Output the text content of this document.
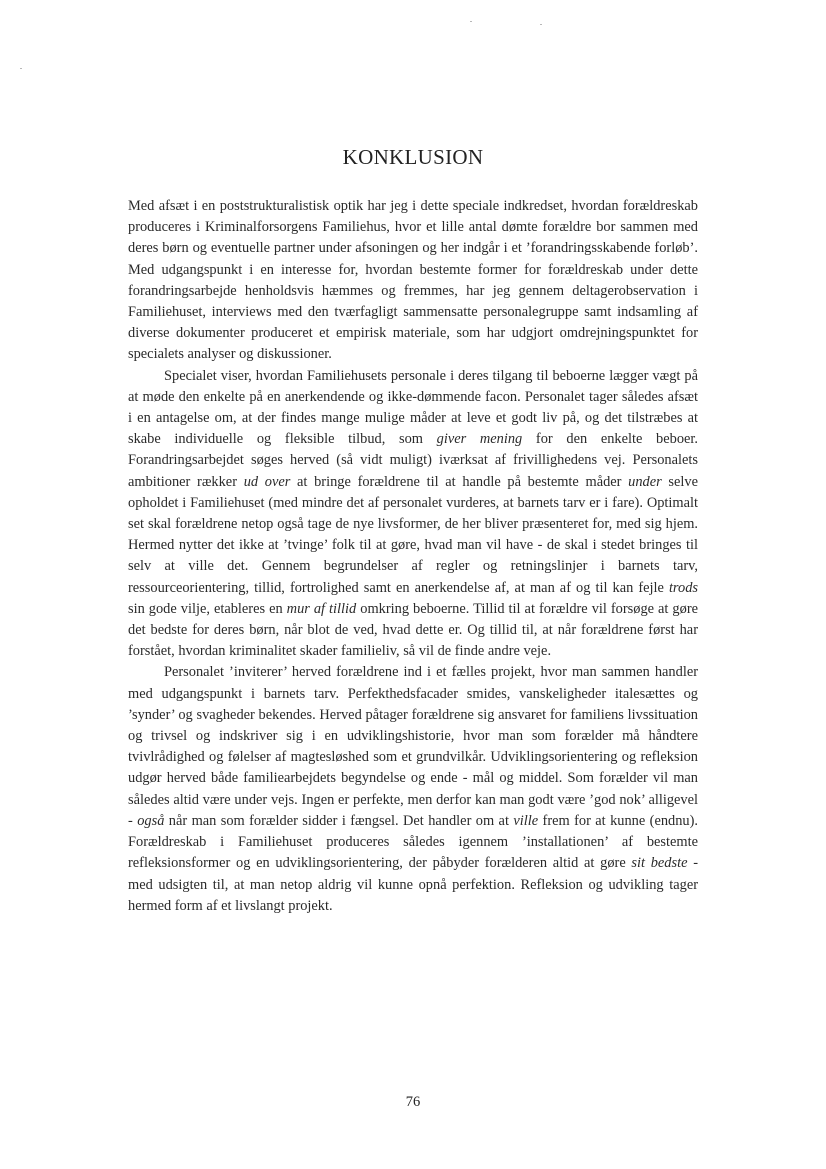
KONKLUSION

Med afsæt i en poststrukturalistisk optik har jeg i dette speciale indkredset, hvordan forældreskab produceres i Kriminalforsorgens Familiehus, hvor et lille antal dømte forældre bor sammen med deres børn og eventuelle partner under afsoningen og her indgår i et ’forandringsskabende forløb’. Med udgangspunkt i en interesse for, hvordan bestemte former for forældreskab under dette forandringsarbejde henholdsvis hæmmes og fremmes, har jeg gennem deltagerobservation i Familiehuset, interviews med den tværfagligt sammensatte personalegruppe samt indsamling af diverse dokumenter produceret et empirisk materiale, som har udgjort omdrejningspunktet for specialets analyser og diskussioner.

Specialet viser, hvordan Familiehusets personale i deres tilgang til beboerne lægger vægt på at møde den enkelte på en anerkendende og ikke-dømmende facon. Personalet tager således afsæt i en antagelse om, at der findes mange mulige måder at leve et godt liv på, og det tilstræbes at skabe individuelle og fleksible tilbud, som giver mening for den enkelte beboer. Forandringsarbejdet søges herved (så vidt muligt) iværksat af frivillighedens vej. Personalets ambitioner rækker ud over at bringe forældrene til at handle på bestemte måder under selve opholdet i Familiehuset (med mindre det af personalet vurderes, at barnets tarv er i fare). Optimalt set skal forældrene netop også tage de nye livsformer, de her bliver præsenteret for, med sig hjem. Hermed nytter det ikke at ’tvinge’ folk til at gøre, hvad man vil have - de skal i stedet bringes til selv at ville det. Gennem begrundelser af regler og retningslinjer i barnets tarv, ressourceorientering, tillid, fortrolighed samt en anerkendelse af, at man af og til kan fejle trods sin gode vilje, etableres en mur af tillid omkring beboerne. Tillid til at forældre vil forsøge at gøre det bedste for deres børn, når blot de ved, hvad dette er. Og tillid til, at når forældrene først har forstået, hvordan kriminalitet skader familieliv, så vil de finde andre veje.

Personalet ’inviterer’ herved forældrene ind i et fælles projekt, hvor man sammen handler med udgangspunkt i barnets tarv. Perfekthedsfacader smides, vanskeligheder italesættes og ’synder’ og svagheder bekendes. Herved påtager forældrene sig ansvaret for familiens livssituation og trivsel og indskriver sig i en udviklingshistorie, hvor man som forælder må håndtere tvivlrådighed og følelser af magtesløshed som et grundvilkår. Udviklingsorientering og refleksion udgør herved både familiearbejdets begyndelse og ende - mål og middel. Som forælder vil man således altid være under vejs. Ingen er perfekte, men derfor kan man godt være ’god nok’ alligevel - også når man som forælder sidder i fængsel. Det handler om at ville frem for at kunne (endnu). Forældreskab i Familiehuset produceres således igennem ’installationen’ af bestemte refleksionsformer og en udviklingsorientering, der påbyder forælderen altid at gøre sit bedste - med udsigten til, at man netop aldrig vil kunne opnå perfektion. Refleksion og udvikling tager hermed form af et livslangt projekt.

76
